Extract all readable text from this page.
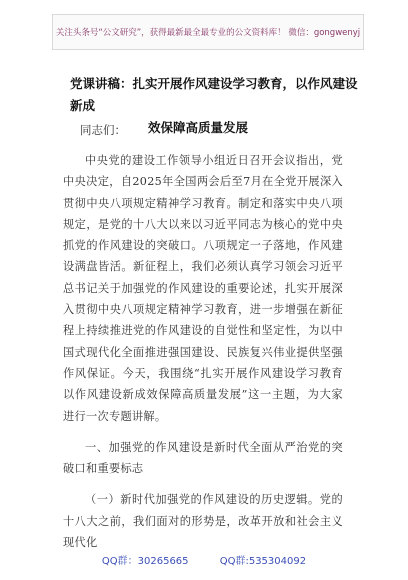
关注头条号“公文研究”，获得最新最全最专业的公文资料库！ 微信：gongwenyj
党课讲稿：扎实开展作风建设学习教育，以作风建设新成
效保障高质量发展
同志们：

中央党的建设工作领导小组近日召开会议指出，党中央决定，自2025年全国两会后至7月在全党开展深入贯彻中央八项规定精神学习教育。制定和落实中央八项规定，是党的十八大以来以习近平同志为核心的党中央抓党的作风建设的突破口。八项规定一子落地，作风建设满盘皆活。新征程上，我们必须认真学习领会习近平总书记关于加强党的作风建设的重要论述，扎实开展深入贯彻中央八项规定精神学习教育，进一步增强在新征程上持续推进党的作风建设的自觉性和坚定性，为以中国式现代化全面推进强国建设、民族复兴伟业提供坚强作风保证。今天，我围绕“扎实开展作风建设学习教育以作风建设新成效保障高质量发展”这一主题，为大家进行一次专题讲解。

一、加强党的作风建设是新时代全面从严治党的突破口和重要标志

（一）新时代加强党的作风建设的历史逻辑。党的十八大之前，我们面对的形势是，改革开放和社会主义现代化

QQ群：30265665	QQ群:535304092
